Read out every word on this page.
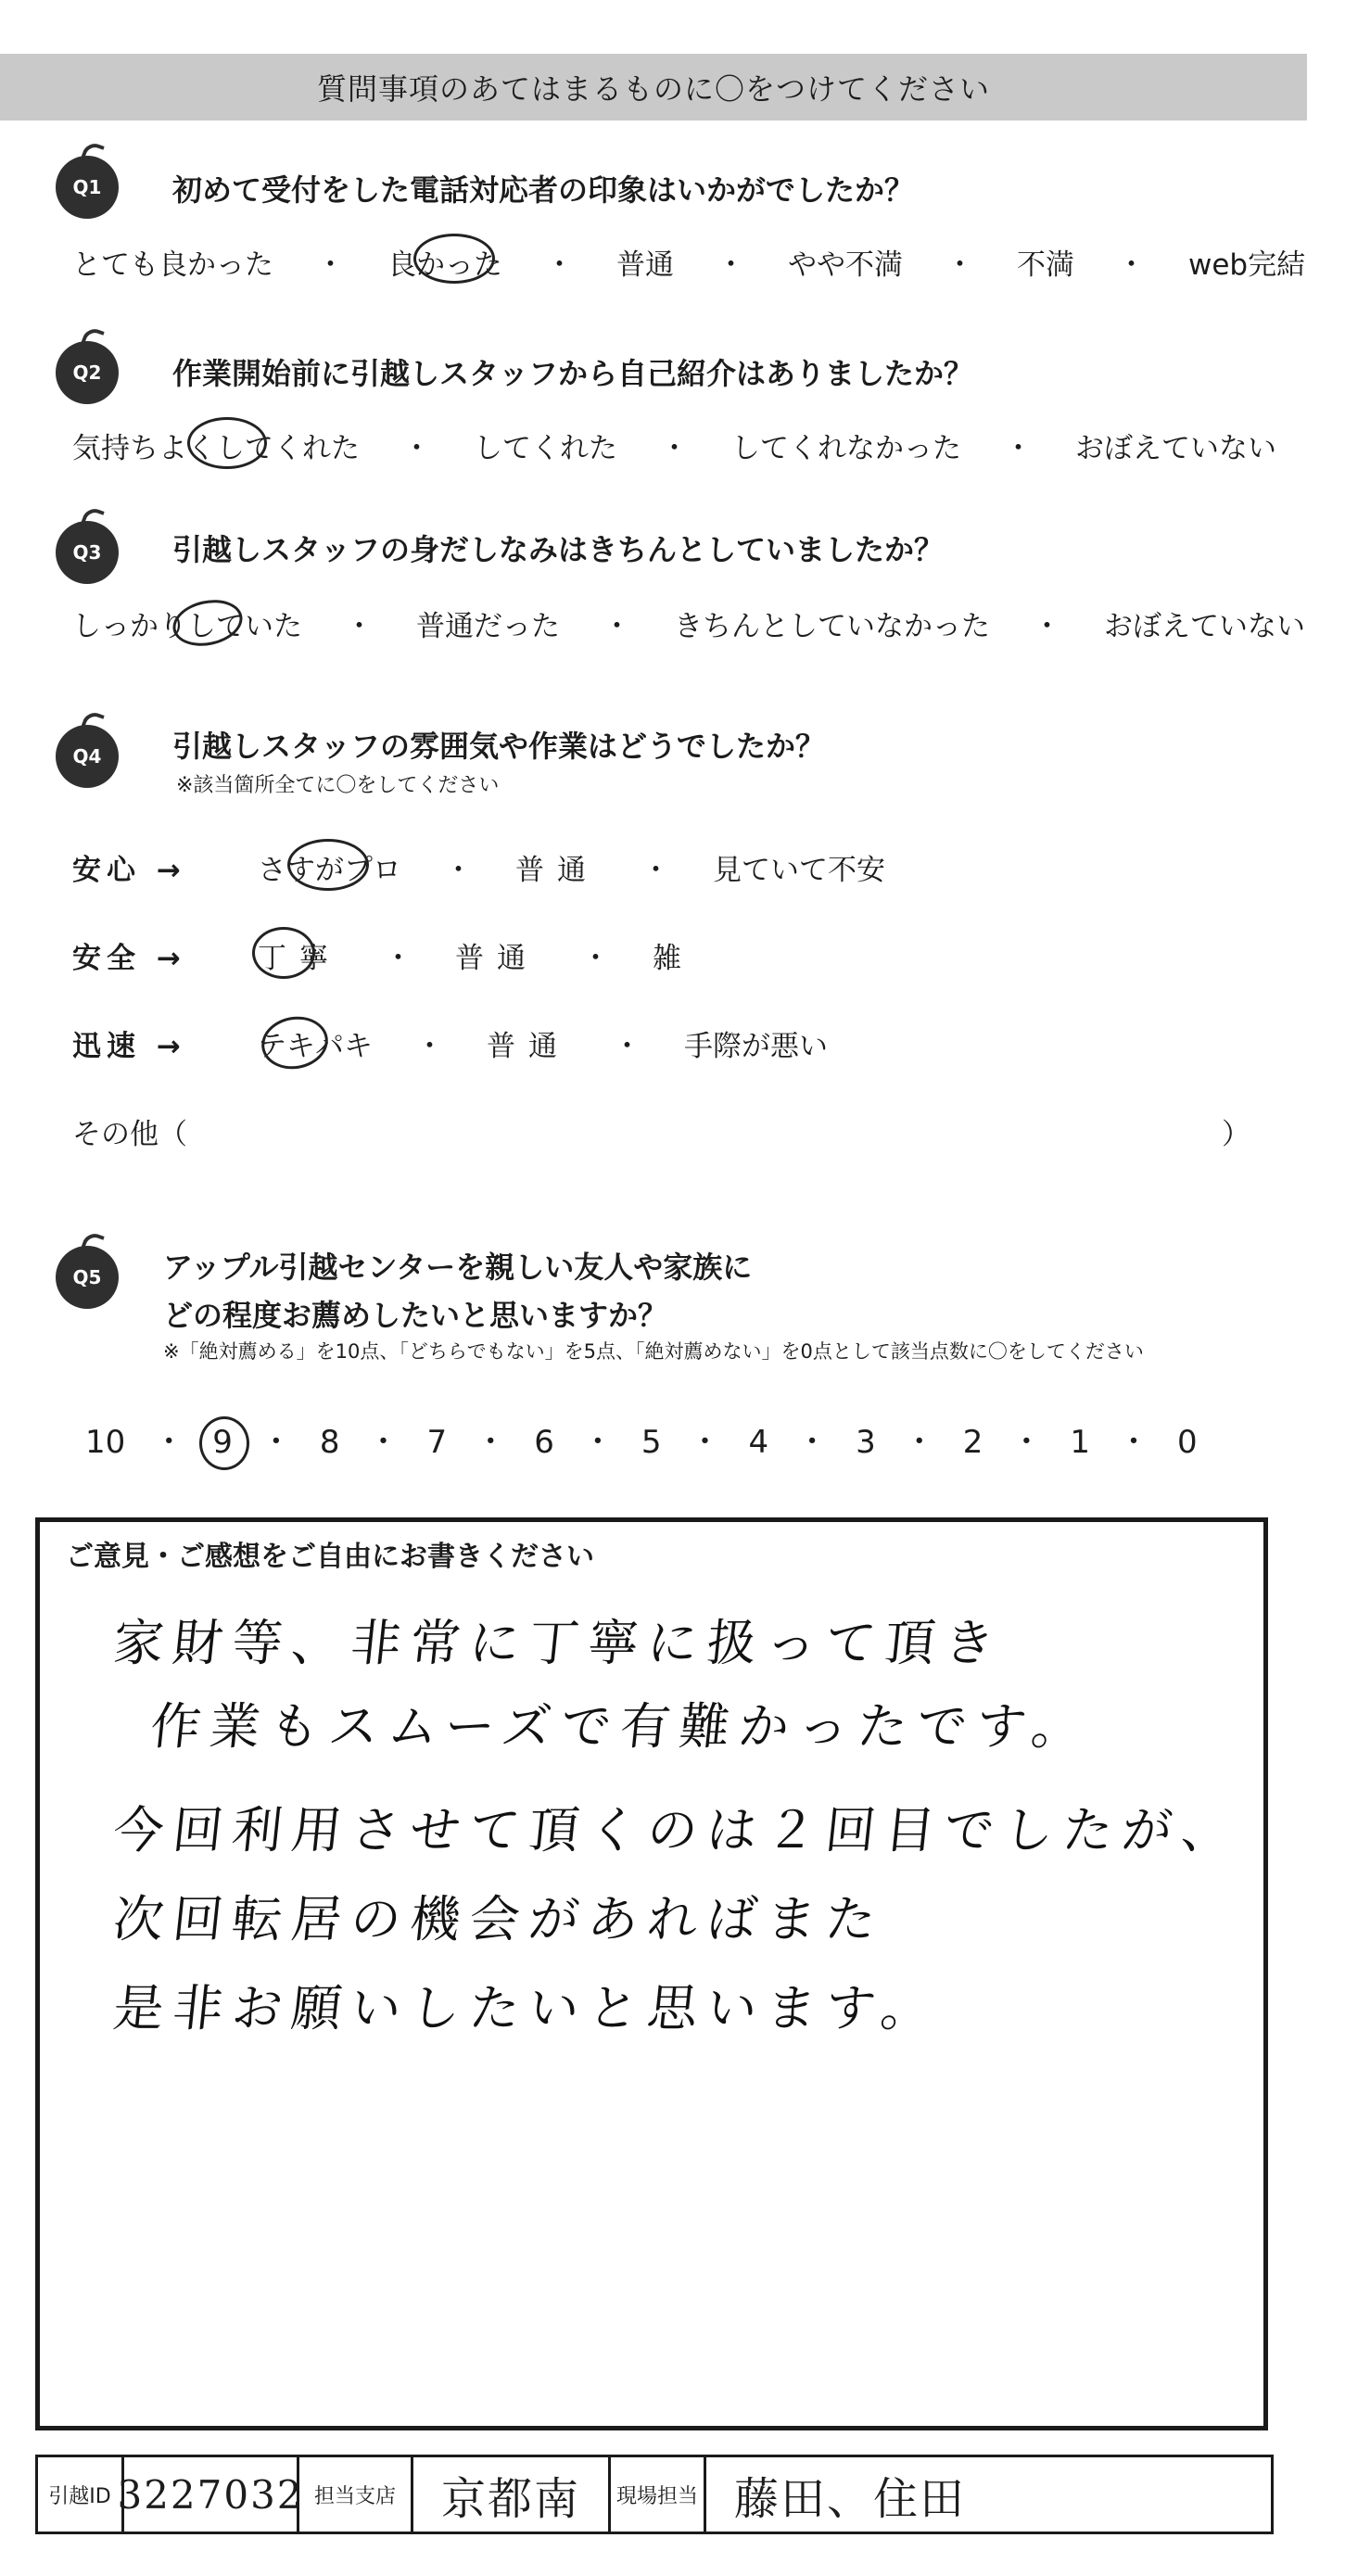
質問事項のあてはまるものに〇をつけてください
Q1 初めて受付をした電話対応者の印象はいかがでしたか？
とても良かった ・ 良かった ・ 普通 ・ やや不満 ・ 不満 ・ web完結
Q2 作業開始前に引越しスタッフから自己紹介はありましたか？
気持ちよくしてくれた ・ してくれた ・ してくれなかった ・ おぼえていない
Q3 引越しスタッフの身だしなみはきちんとしていましたか？
しっかりしていた ・ 普通だった ・ きちんとしていなかった ・ おぼえていない
Q4 引越しスタッフの雰囲気や作業はどうでしたか？
※該当箇所全てに〇をしてください
安心 → さすがプロ ・ 普通 ・ 見ていて不安
安全 → 丁寧 ・ 普通 ・ 雑
迅速 → テキパキ ・ 普通 ・ 手際が悪い
その他（	）
Q5 アップル引越センターを親しい友人や家族に
どの程度お薦めしたいと思いますか？
※「絶対薦める」を10点、「どちらでもない」を5点、「絶対薦めない」を0点として該当点数に〇をしてください
10 ・ 9 ・ 8 ・ 7 ・ 6 ・ 5 ・ 4 ・ 3 ・ 2 ・ 1 ・ 0
ご意見・ご感想をご自由にお書きください
家財等、非常に丁寧に扱って頂き
作業もスムーズで有難かったです。
今回利用させて頂くのは２回目でしたが、
次回転居の機会があればまた
是非お願いしたいと思います。
引越ID 3227032 担当支店 京都南 現場担当 藤田、住田
